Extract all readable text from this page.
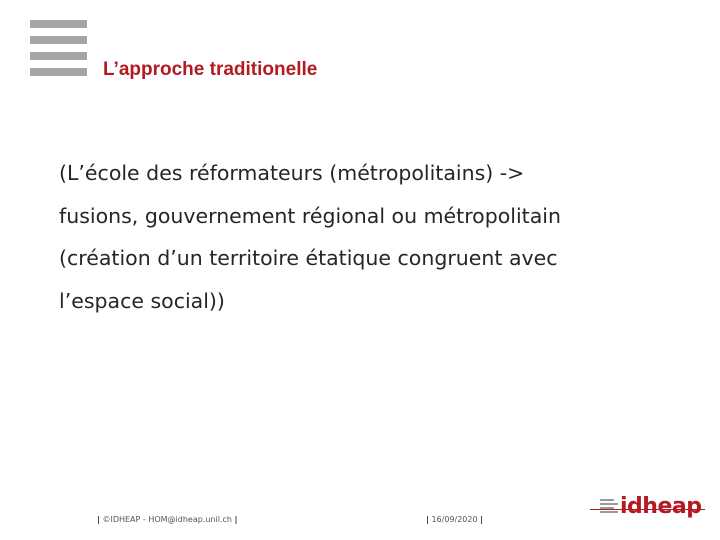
L’approche traditionelle

(L’école des réformateurs (métropolitains) ->
fusions, gouvernement régional ou métropolitain
(création d’un territoire étatique congruent avec
l’espace social))

| ©IDHEAP - HOM@idheap.unil.ch |	| 16/09/2020 |
idheap
